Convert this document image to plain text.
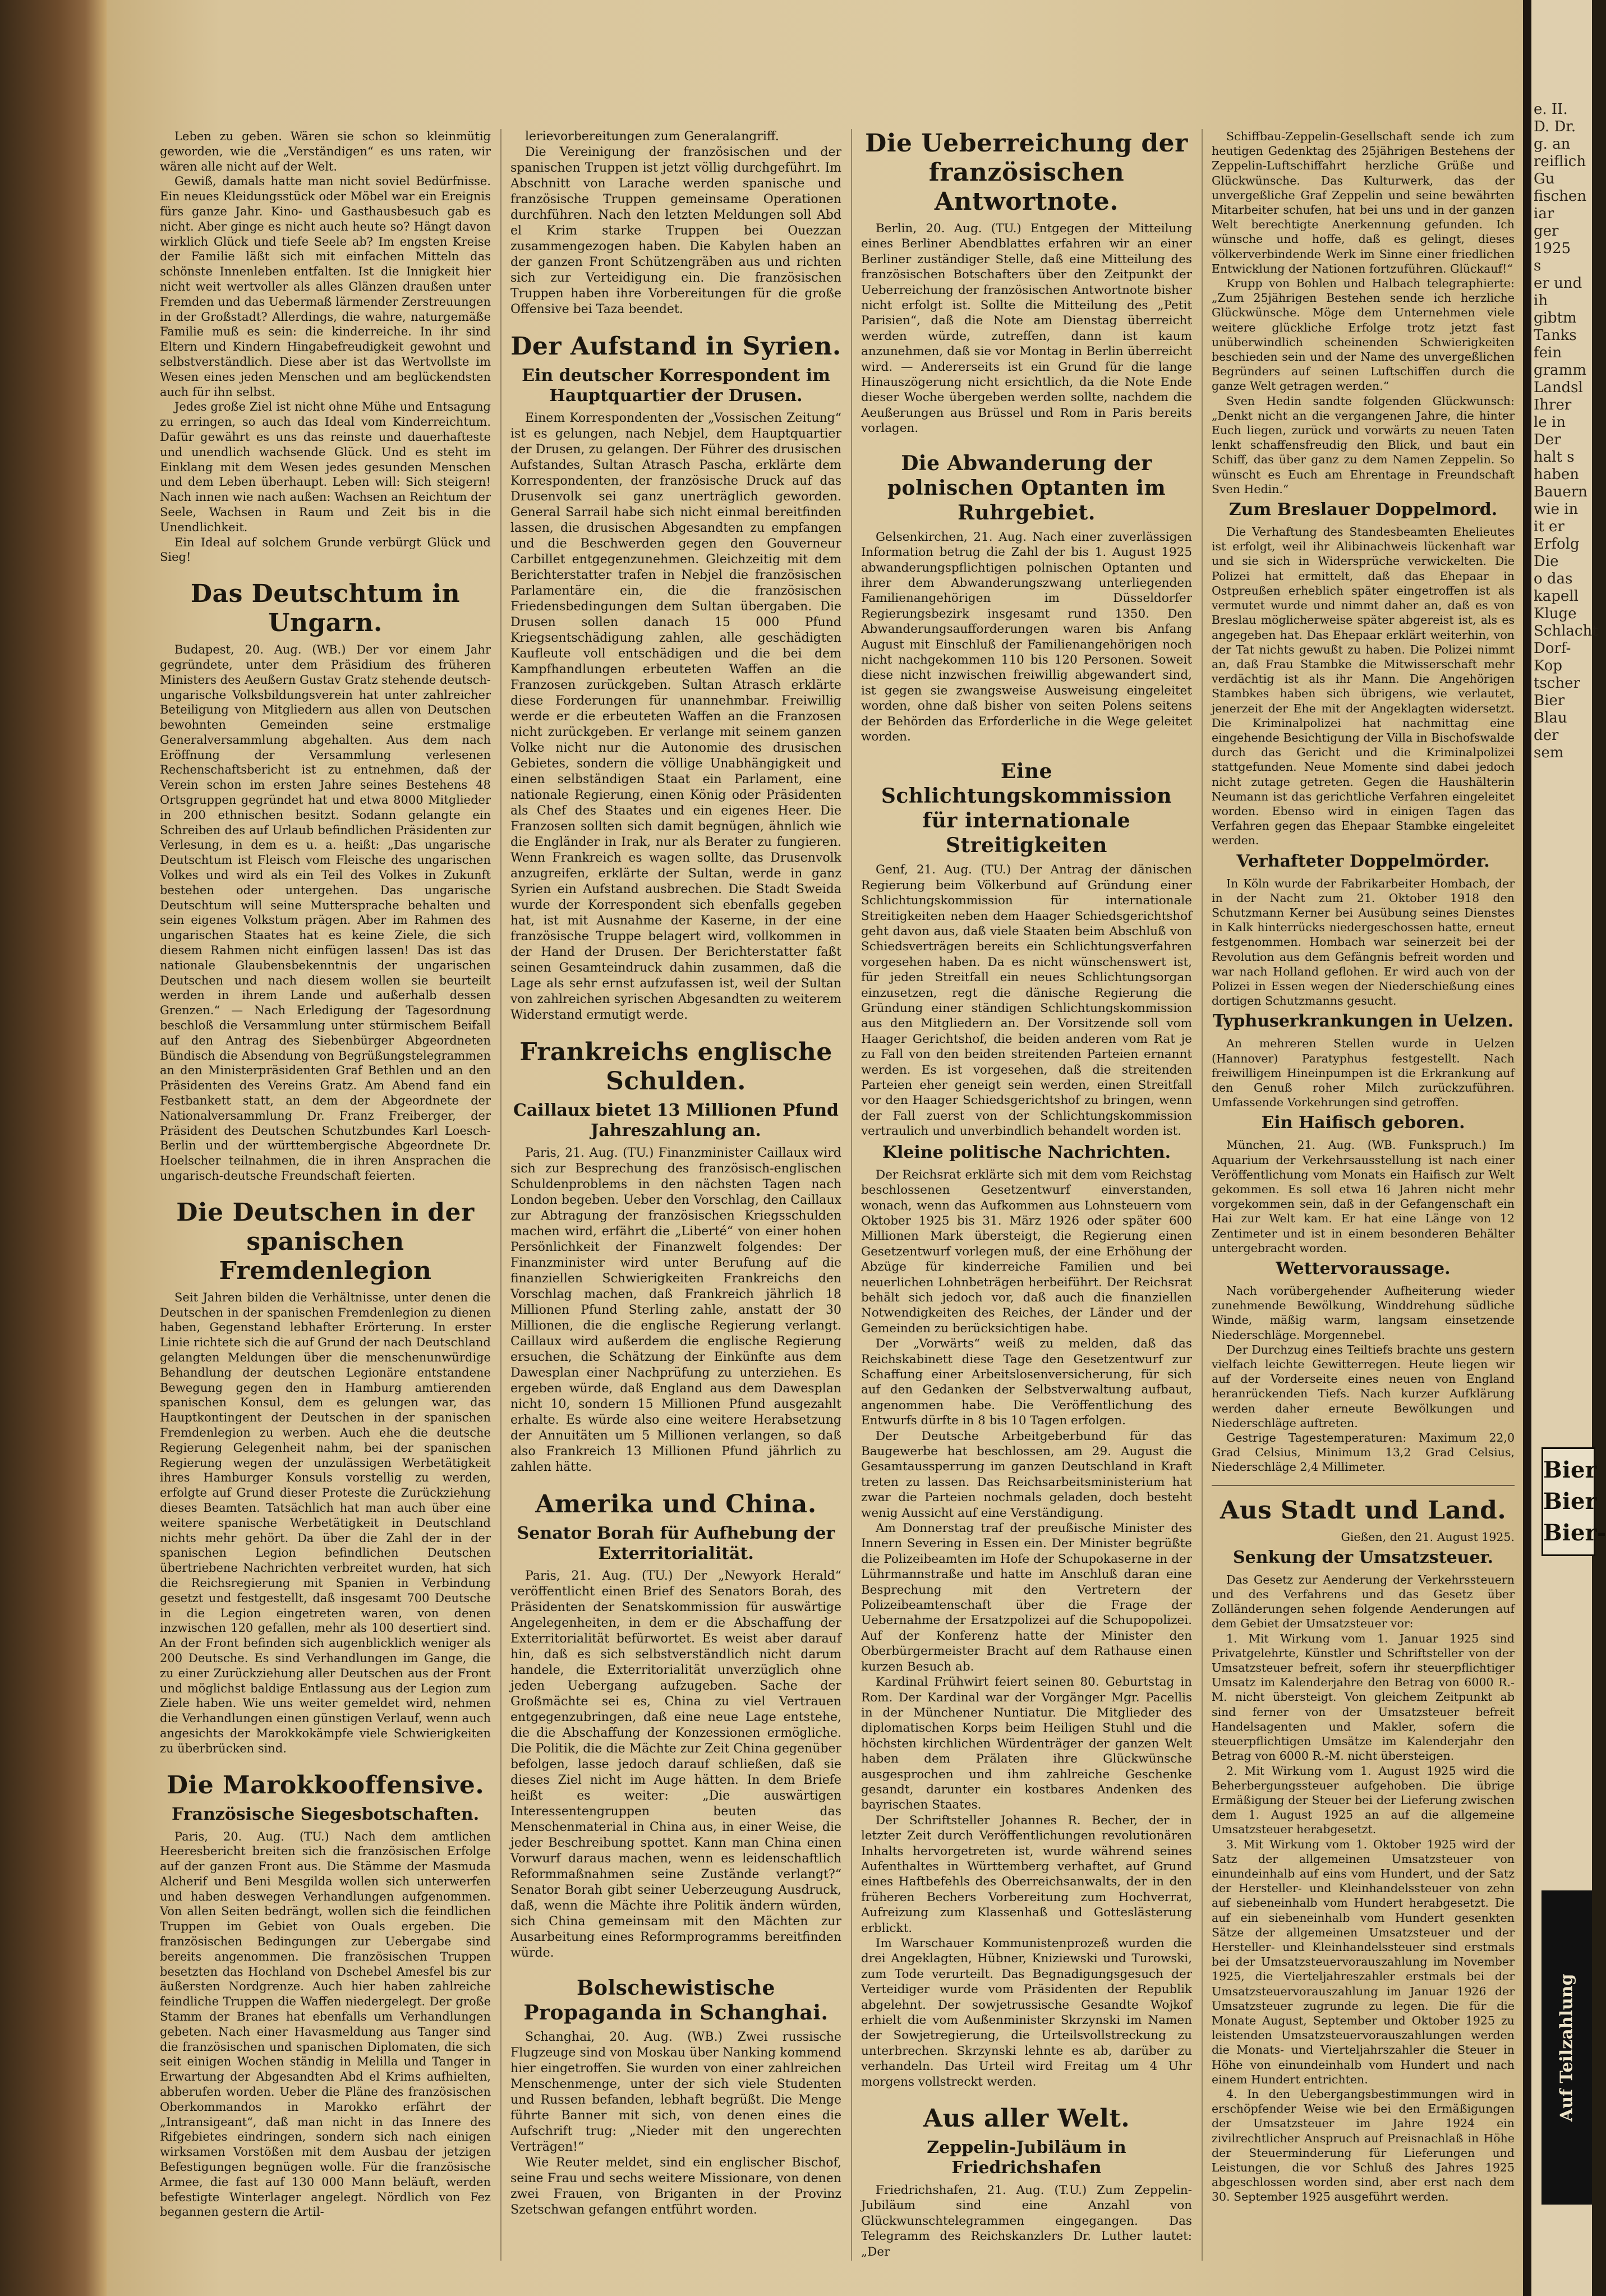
e. II.
D. Dr.
g. an
reiflich
Gu
fischen
iar
ger
1925
s
er und
ih
gibtm
Tanks
fein
gramm
Landsl
Ihrer
le in
Der
halt s
haben
Bauern
wie in
it er
Erfolg
Die
o das
kapell
Kluge
Schlacht
Dorf-
Kop
tscher
Bier
Blau
der
sem
Bier Bier Bier-
Auf Teilzahlung

Leben zu geben. Wären sie schon so kleinmütig geworden, wie die „Verständigen“ es uns raten, wir wären alle nicht auf der Welt.

Gewiß, damals hatte man nicht soviel Bedürfnisse. Ein neues Kleidungsstück oder Möbel war ein Ereignis fürs ganze Jahr. Kino- und Gasthausbesuch gab es nicht. Aber ginge es nicht auch heute so? Hängt davon wirklich Glück und tiefe Seele ab? Im engsten Kreise der Familie läßt sich mit einfachen Mitteln das schönste Innenleben entfalten. Ist die Innigkeit hier nicht weit wertvoller als alles Glänzen draußen unter Fremden und das Uebermaß lärmender Zerstreuungen in der Großstadt? Allerdings, die wahre, naturgemäße Familie muß es sein: die kinderreiche. In ihr sind Eltern und Kindern Hingabefreudigkeit gewohnt und selbstverständlich. Diese aber ist das Wertvollste im Wesen eines jeden Menschen und am beglückendsten auch für ihn selbst.

Jedes große Ziel ist nicht ohne Mühe und Entsagung zu erringen, so auch das Ideal vom Kinderreichtum. Dafür gewährt es uns das reinste und dauerhafteste und unendlich wachsende Glück. Und es steht im Einklang mit dem Wesen jedes gesunden Menschen und dem Leben überhaupt. Leben will: Sich steigern! Nach innen wie nach außen: Wachsen an Reichtum der Seele, Wachsen in Raum und Zeit bis in die Unendlichkeit.

Ein Ideal auf solchem Grunde verbürgt Glück und Sieg!

Das Deutschtum in Ungarn.

Budapest, 20. Aug. (WB.) Der vor einem Jahr gegründete, unter dem Präsidium des früheren Ministers des Aeußern Gustav Gratz stehende deutsch-ungarische Volksbildungsverein hat unter zahlreicher Beteiligung von Mitgliedern aus allen von Deutschen bewohnten Gemeinden seine erstmalige Generalversammlung abgehalten. Aus dem nach Eröffnung der Versammlung verlesenen Rechenschaftsbericht ist zu entnehmen, daß der Verein schon im ersten Jahre seines Bestehens 48 Ortsgruppen gegründet hat und etwa 8000 Mitglieder in 200 ethnischen besitzt. Sodann gelangte ein Schreiben des auf Urlaub befindlichen Präsidenten zur Verlesung, in dem es u. a. heißt: „Das ungarische Deutschtum ist Fleisch vom Fleische des ungarischen Volkes und wird als ein Teil des Volkes in Zukunft bestehen oder untergehen. Das ungarische Deutschtum will seine Muttersprache behalten und sein eigenes Volkstum prägen. Aber im Rahmen des ungarischen Staates hat es keine Ziele, die sich diesem Rahmen nicht einfügen lassen! Das ist das nationale Glaubensbekenntnis der ungarischen Deutschen und nach diesem wollen sie beurteilt werden in ihrem Lande und außerhalb dessen Grenzen.“ — Nach Erledigung der Tagesordnung beschloß die Versammlung unter stürmischem Beifall auf den Antrag des Siebenbürger Abgeordneten Bündisch die Absendung von Begrüßungstelegrammen an den Ministerpräsidenten Graf Bethlen und an den Präsidenten des Vereins Gratz. Am Abend fand ein Festbankett statt, an dem der Abgeordnete der Nationalversammlung Dr. Franz Freiberger, der Präsident des Deutschen Schutzbundes Karl Loesch-Berlin und der württembergische Abgeordnete Dr. Hoelscher teilnahmen, die in ihren Ansprachen die ungarisch-deutsche Freundschaft feierten.

Die Deutschen in der spanischen Fremdenlegion

Seit Jahren bilden die Verhältnisse, unter denen die Deutschen in der spanischen Fremdenlegion zu dienen haben, Gegenstand lebhafter Erörterung. In erster Linie richtete sich die auf Grund der nach Deutschland gelangten Meldungen über die menschenunwürdige Behandlung der deutschen Legionäre entstandene Bewegung gegen den in Hamburg amtierenden spanischen Konsul, dem es gelungen war, das Hauptkontingent der Deutschen in der spanischen Fremdenlegion zu werben. Auch ehe die deutsche Regierung Gelegenheit nahm, bei der spanischen Regierung wegen der unzulässigen Werbetätigkeit ihres Hamburger Konsuls vorstellig zu werden, erfolgte auf Grund dieser Proteste die Zurückziehung dieses Beamten. Tatsächlich hat man auch über eine weitere spanische Werbetätigkeit in Deutschland nichts mehr gehört. Da über die Zahl der in der spanischen Legion befindlichen Deutschen übertriebene Nachrichten verbreitet wurden, hat sich die Reichsregierung mit Spanien in Verbindung gesetzt und festgestellt, daß insgesamt 700 Deutsche in die Legion eingetreten waren, von denen inzwischen 120 gefallen, mehr als 100 desertiert sind. An der Front befinden sich augenblicklich weniger als 200 Deutsche. Es sind Verhandlungen im Gange, die zu einer Zurückziehung aller Deutschen aus der Front und möglichst baldige Entlassung aus der Legion zum Ziele haben. Wie uns weiter gemeldet wird, nehmen die Verhandlungen einen günstigen Verlauf, wenn auch angesichts der Marokkokämpfe viele Schwierigkeiten zu überbrücken sind.

Die Marokkooffensive.
Französische Siegesbotschaften.

Paris, 20. Aug. (TU.) Nach dem amtlichen Heeresbericht breiten sich die französischen Erfolge auf der ganzen Front aus. Die Stämme der Masmuda Alcherif und Beni Mesgilda wollen sich unterwerfen und haben deswegen Verhandlungen aufgenommen. Von allen Seiten bedrängt, wollen sich die feindlichen Truppen im Gebiet von Ouals ergeben. Die französischen Bedingungen zur Uebergabe sind bereits angenommen. Die französischen Truppen besetzten das Hochland von Dschebel Amesfel bis zur äußersten Nordgrenze. Auch hier haben zahlreiche feindliche Truppen die Waffen niedergelegt. Der große Stamm der Branes hat ebenfalls um Verhandlungen gebeten. Nach einer Havasmeldung aus Tanger sind die französischen und spanischen Diplomaten, die sich seit einigen Wochen ständig in Melilla und Tanger in Erwartung der Abgesandten Abd el Krims aufhielten, abberufen worden. Ueber die Pläne des französischen Oberkommandos in Marokko erfährt der „Intransigeant“, daß man nicht in das Innere des Rifgebietes eindringen, sondern sich nach einigen wirksamen Vorstößen mit dem Ausbau der jetzigen Befestigungen begnügen wolle. Für die französische Armee, die fast auf 130 000 Mann beläuft, werden befestigte Winterlager angelegt. Nördlich von Fez begannen gestern die Artil-

lerievorbereitungen zum Generalangriff.

Die Vereinigung der französischen und der spanischen Truppen ist jetzt völlig durchgeführt. Im Abschnitt von Larache werden spanische und französische Truppen gemeinsame Operationen durchführen. Nach den letzten Meldungen soll Abd el Krim starke Truppen bei Ouezzan zusammengezogen haben. Die Kabylen haben an der ganzen Front Schützengräben aus und richten sich zur Verteidigung ein. Die französischen Truppen haben ihre Vorbereitungen für die große Offensive bei Taza beendet.

Der Aufstand in Syrien.
Ein deutscher Korrespondent im Hauptquartier der Drusen.

Einem Korrespondenten der „Vossischen Zeitung“ ist es gelungen, nach Nebjel, dem Hauptquartier der Drusen, zu gelangen. Der Führer des drusischen Aufstandes, Sultan Atrasch Pascha, erklärte dem Korrespondenten, der französische Druck auf das Drusenvolk sei ganz unerträglich geworden. General Sarrail habe sich nicht einmal bereitfinden lassen, die drusischen Abgesandten zu empfangen und die Beschwerden gegen den Gouverneur Carbillet entgegenzunehmen. Gleichzeitig mit dem Berichterstatter trafen in Nebjel die französischen Parlamentäre ein, die die französischen Friedensbedingungen dem Sultan übergaben. Die Drusen sollen danach 15 000 Pfund Kriegsentschädigung zahlen, alle geschädigten Kaufleute voll entschädigen und die bei dem Kampfhandlungen erbeuteten Waffen an die Franzosen zurückgeben. Sultan Atrasch erklärte diese Forderungen für unannehmbar. Freiwillig werde er die erbeuteten Waffen an die Franzosen nicht zurückgeben. Er verlange mit seinem ganzen Volke nicht nur die Autonomie des drusischen Gebietes, sondern die völlige Unabhängigkeit und einen selbständigen Staat ein Parlament, eine nationale Regierung, einen König oder Präsidenten als Chef des Staates und ein eigenes Heer. Die Franzosen sollten sich damit begnügen, ähnlich wie die Engländer in Irak, nur als Berater zu fungieren. Wenn Frankreich es wagen sollte, das Drusenvolk anzugreifen, erklärte der Sultan, werde in ganz Syrien ein Aufstand ausbrechen. Die Stadt Sweida wurde der Korrespondent sich ebenfalls gegeben hat, ist mit Ausnahme der Kaserne, in der eine französische Truppe belagert wird, vollkommen in der Hand der Drusen. Der Berichterstatter faßt seinen Gesamteindruck dahin zusammen, daß die Lage als sehr ernst aufzufassen ist, weil der Sultan von zahlreichen syrischen Abgesandten zu weiterem Widerstand ermutigt werde.

Frankreichs englische Schulden.
Caillaux bietet 13 Millionen Pfund Jahreszahlung an.

Paris, 21. Aug. (TU.) Finanzminister Caillaux wird sich zur Besprechung des französisch-englischen Schuldenproblems in den nächsten Tagen nach London begeben. Ueber den Vorschlag, den Caillaux zur Abtragung der französischen Kriegsschulden machen wird, erfährt die „Liberté“ von einer hohen Persönlichkeit der Finanzwelt folgendes: Der Finanzminister wird unter Berufung auf die finanziellen Schwierigkeiten Frankreichs den Vorschlag machen, daß Frankreich jährlich 18 Millionen Pfund Sterling zahle, anstatt der 30 Millionen, die die englische Regierung verlangt. Caillaux wird außerdem die englische Regierung ersuchen, die Schätzung der Einkünfte aus dem Dawesplan einer Nachprüfung zu unterziehen. Es ergeben würde, daß England aus dem Dawesplan nicht 10, sondern 15 Millionen Pfund ausgezahlt erhalte. Es würde also eine weitere Herabsetzung der Annuitäten um 5 Millionen verlangen, so daß also Frankreich 13 Millionen Pfund jährlich zu zahlen hätte.

Amerika und China.
Senator Borah für Aufhebung der Exterritorialität.

Paris, 21. Aug. (TU.) Der „Newyork Herald“ veröffentlicht einen Brief des Senators Borah, des Präsidenten der Senatskommission für auswärtige Angelegenheiten, in dem er die Abschaffung der Exterritorialität befürwortet. Es weist aber darauf hin, daß es sich selbstverständlich nicht darum handele, die Exterritorialität unverzüglich ohne jeden Uebergang aufzugeben. Sache der Großmächte sei es, China zu viel Vertrauen entgegenzubringen, daß eine neue Lage entstehe, die die Abschaffung der Konzessionen ermögliche. Die Politik, die die Mächte zur Zeit China gegenüber befolgen, lasse jedoch darauf schließen, daß sie dieses Ziel nicht im Auge hätten. In dem Briefe heißt es weiter: „Die auswärtigen Interessentengruppen beuten das Menschenmaterial in China aus, in einer Weise, die jeder Beschreibung spottet. Kann man China einen Vorwurf daraus machen, wenn es leidenschaftlich Reformmaßnahmen seine Zustände verlangt?“ Senator Borah gibt seiner Ueberzeugung Ausdruck, daß, wenn die Mächte ihre Politik ändern würden, sich China gemeinsam mit den Mächten zur Ausarbeitung eines Reformprogramms bereitfinden würde.

Bolschewistische Propaganda in Schanghai.

Schanghai, 20. Aug. (WB.) Zwei russische Flugzeuge sind von Moskau über Nanking kommend hier eingetroffen. Sie wurden von einer zahlreichen Menschenmenge, unter der sich viele Studenten und Russen befanden, lebhaft begrüßt. Die Menge führte Banner mit sich, von denen eines die Aufschrift trug: „Nieder mit den ungerechten Verträgen!“

Wie Reuter meldet, sind ein englischer Bischof, seine Frau und sechs weitere Missionare, von denen zwei Frauen, von Briganten in der Provinz Szetschwan gefangen entführt worden.

Die Ueberreichung der französischen Antwortnote.

Berlin, 20. Aug. (TU.) Entgegen der Mitteilung eines Berliner Abendblattes erfahren wir an einer Berliner zuständiger Stelle, daß eine Mitteilung des französischen Botschafters über den Zeitpunkt der Ueberreichung der französischen Antwortnote bisher nicht erfolgt ist. Sollte die Mitteilung des „Petit Parisien“, daß die Note am Dienstag überreicht werden würde, zutreffen, dann ist kaum anzunehmen, daß sie vor Montag in Berlin überreicht wird. — Andererseits ist ein Grund für die lange Hinauszögerung nicht ersichtlich, da die Note Ende dieser Woche übergeben werden sollte, nachdem die Aeußerungen aus Brüssel und Rom in Paris bereits vorlagen.

Die Abwanderung der polnischen Optanten im Ruhrgebiet.

Gelsenkirchen, 21. Aug. Nach einer zuverlässigen Information betrug die Zahl der bis 1. August 1925 abwanderungspflichtigen polnischen Optanten und ihrer dem Abwanderungszwang unterliegenden Familienangehörigen im Düsseldorfer Regierungsbezirk insgesamt rund 1350. Den Abwanderungsaufforderungen waren bis Anfang August mit Einschluß der Familienangehörigen noch nicht nachgekommen 110 bis 120 Personen. Soweit diese nicht inzwischen freiwillig abgewandert sind, ist gegen sie zwangsweise Ausweisung eingeleitet worden, ohne daß bisher von seiten Polens seitens der Behörden das Erforderliche in die Wege geleitet worden.

Eine Schlichtungskommission für internationale Streitigkeiten

Genf, 21. Aug. (TU.) Der Antrag der dänischen Regierung beim Völkerbund auf Gründung einer Schlichtungskommission für internationale Streitigkeiten neben dem Haager Schiedsgerichtshof geht davon aus, daß viele Staaten beim Abschluß von Schiedsverträgen bereits ein Schlichtungsverfahren vorgesehen haben. Da es nicht wünschenswert ist, für jeden Streitfall ein neues Schlichtungsorgan einzusetzen, regt die dänische Regierung die Gründung einer ständigen Schlichtungskommission aus den Mitgliedern an. Der Vorsitzende soll vom Haager Gerichtshof, die beiden anderen vom Rat je zu Fall von den beiden streitenden Parteien ernannt werden. Es ist vorgesehen, daß die streitenden Parteien eher geneigt sein werden, einen Streitfall vor den Haager Schiedsgerichtshof zu bringen, wenn der Fall zuerst von der Schlichtungskommission vertraulich und unverbindlich behandelt worden ist.

Kleine politische Nachrichten.

Der Reichsrat erklärte sich mit dem vom Reichstag beschlossenen Gesetzentwurf einverstanden, wonach, wenn das Aufkommen aus Lohnsteuern vom Oktober 1925 bis 31. März 1926 oder später 600 Millionen Mark übersteigt, die Regierung einen Gesetzentwurf vorlegen muß, der eine Erhöhung der Abzüge für kinderreiche Familien und bei neuerlichen Lohnbeträgen herbeiführt. Der Reichsrat behält sich jedoch vor, daß auch die finanziellen Notwendigkeiten des Reiches, der Länder und der Gemeinden zu berücksichtigen habe.

Der „Vorwärts“ weiß zu melden, daß das Reichskabinett diese Tage den Gesetzentwurf zur Schaffung einer Arbeitslosenversicherung, für sich auf den Gedanken der Selbstverwaltung aufbaut, angenommen habe. Die Veröffentlichung des Entwurfs dürfte in 8 bis 10 Tagen erfolgen.

Der Deutsche Arbeitgeberbund für das Baugewerbe hat beschlossen, am 29. August die Gesamtaussperrung im ganzen Deutschland in Kraft treten zu lassen. Das Reichsarbeitsministerium hat zwar die Parteien nochmals geladen, doch besteht wenig Aussicht auf eine Verständigung.

Am Donnerstag traf der preußische Minister des Innern Severing in Essen ein. Der Minister begrüßte die Polizeibeamten im Hofe der Schupokaserne in der Lührmannstraße und hatte im Anschluß daran eine Besprechung mit den Vertretern der Polizeibeamtenschaft über die Frage der Uebernahme der Ersatzpolizei auf die Schupopolizei. Auf der Konferenz hatte der Minister den Oberbürgermeister Bracht auf dem Rathause einen kurzen Besuch ab.

Kardinal Frühwirt feiert seinen 80. Geburtstag in Rom. Der Kardinal war der Vorgänger Mgr. Pacellis in der Münchener Nuntiatur. Die Mitglieder des diplomatischen Korps beim Heiligen Stuhl und die höchsten kirchlichen Würdenträger der ganzen Welt haben dem Prälaten ihre Glückwünsche ausgesprochen und ihm zahlreiche Geschenke gesandt, darunter ein kostbares Andenken des bayrischen Staates.

Der Schriftsteller Johannes R. Becher, der in letzter Zeit durch Veröffentlichungen revolutionären Inhalts hervorgetreten ist, wurde während seines Aufenthaltes in Württemberg verhaftet, auf Grund eines Haftbefehls des Oberreichsanwalts, der in den früheren Bechers Vorbereitung zum Hochverrat, Aufreizung zum Klassenhaß und Gotteslästerung erblickt.

Im Warschauer Kommunistenprozeß wurden die drei Angeklagten, Hübner, Kniziewski und Turowski, zum Tode verurteilt. Das Begnadigungsgesuch der Verteidiger wurde vom Präsidenten der Republik abgelehnt. Der sowjetrussische Gesandte Wojkof erhielt die vom Außenminister Skrzynski im Namen der Sowjetregierung, die Urteilsvollstreckung zu unterbrechen. Skrzynski lehnte es ab, darüber zu verhandeln. Das Urteil wird Freitag um 4 Uhr morgens vollstreckt werden.

Aus aller Welt.
Zeppelin-Jubiläum in Friedrichshafen

Friedrichshafen, 21. Aug. (T.U.) Zum Zeppelin-Jubiläum sind eine Anzahl von Glückwunschtelegrammen eingegangen. Das Telegramm des Reichskanzlers Dr. Luther lautet: „Der

Schiffbau-Zeppelin-Gesellschaft sende ich zum heutigen Gedenktag des 25jährigen Bestehens der Zeppelin-Luftschiffahrt herzliche Grüße und Glückwünsche. Das Kulturwerk, das der unvergeßliche Graf Zeppelin und seine bewährten Mitarbeiter schufen, hat bei uns und in der ganzen Welt berechtigte Anerkennung gefunden. Ich wünsche und hoffe, daß es gelingt, dieses völkerverbindende Werk im Sinne einer friedlichen Entwicklung der Nationen fortzuführen. Glückauf!“

Krupp von Bohlen und Halbach telegraphierte: „Zum 25jährigen Bestehen sende ich herzliche Glückwünsche. Möge dem Unternehmen viele weitere glückliche Erfolge trotz jetzt fast unüberwindlich scheinenden Schwierigkeiten beschieden sein und der Name des unvergeßlichen Begründers auf seinen Luftschiffen durch die ganze Welt getragen werden.“

Sven Hedin sandte folgenden Glückwunsch: „Denkt nicht an die vergangenen Jahre, die hinter Euch liegen, zurück und vorwärts zu neuen Taten lenkt schaffensfreudig den Blick, und baut ein Schiff, das über ganz zu dem Namen Zeppelin. So wünscht es Euch am Ehrentage in Freundschaft Sven Hedin.“

Zum Breslauer Doppelmord.

Die Verhaftung des Standesbeamten Ehelieutes ist erfolgt, weil ihr Alibinachweis lückenhaft war und sie sich in Widersprüche verwickelten. Die Polizei hat ermittelt, daß das Ehepaar in Ostpreußen erheblich später eingetroffen ist als vermutet wurde und nimmt daher an, daß es von Breslau möglicherweise später abgereist ist, als es angegeben hat. Das Ehepaar erklärt weiterhin, von der Tat nichts gewußt zu haben. Die Polizei nimmt an, daß Frau Stambke die Mitwisserschaft mehr verdächtig ist als ihr Mann. Die Angehörigen Stambkes haben sich übrigens, wie verlautet, jenerzeit der Ehe mit der Angeklagten widersetzt. Die Kriminalpolizei hat nachmittag eine eingehende Besichtigung der Villa in Bischofswalde durch das Gericht und die Kriminalpolizei stattgefunden. Neue Momente sind dabei jedoch nicht zutage getreten. Gegen die Haushälterin Neumann ist das gerichtliche Verfahren eingeleitet worden. Ebenso wird in einigen Tagen das Verfahren gegen das Ehepaar Stambke eingeleitet werden.

Verhafteter Doppelmörder.

In Köln wurde der Fabrikarbeiter Hombach, der in der Nacht zum 21. Oktober 1918 den Schutzmann Kerner bei Ausübung seines Dienstes in Kalk hinterrücks niedergeschossen hatte, erneut festgenommen. Hombach war seinerzeit bei der Revolution aus dem Gefängnis befreit worden und war nach Holland geflohen. Er wird auch von der Polizei in Essen wegen der Niederschießung eines dortigen Schutzmanns gesucht.

Typhuserkrankungen in Uelzen.

An mehreren Stellen wurde in Uelzen (Hannover) Paratyphus festgestellt. Nach freiwilligem Hineinpumpen ist die Erkrankung auf den Genuß roher Milch zurückzuführen. Umfassende Vorkehrungen sind getroffen.

Ein Haifisch geboren.

München, 21. Aug. (WB. Funkspruch.) Im Aquarium der Verkehrsausstellung ist nach einer Veröffentlichung vom Monats ein Haifisch zur Welt gekommen. Es soll etwa 16 Jahren nicht mehr vorgekommen sein, daß in der Gefangenschaft ein Hai zur Welt kam. Er hat eine Länge von 12 Zentimeter und ist in einem besonderen Behälter untergebracht worden.

Wettervoraussage.

Nach vorübergehender Aufheiterung wieder zunehmende Bewölkung, Winddrehung südliche Winde, mäßig warm, langsam einsetzende Niederschläge. Morgennebel.

Der Durchzug eines Teiltiefs brachte uns gestern vielfach leichte Gewitterregen. Heute liegen wir auf der Vorderseite eines neuen von England heranrückenden Tiefs. Nach kurzer Aufklärung werden daher erneute Bewölkungen und Niederschläge auftreten.

Gestrige Tagestemperaturen: Maximum 22,0 Grad Celsius, Minimum 13,2 Grad Celsius, Niederschläge 2,4 Millimeter.

Aus Stadt und Land.

Gießen, den 21. August 1925.

Senkung der Umsatzsteuer.

Das Gesetz zur Aenderung der Verkehrssteuern und des Verfahrens und das Gesetz über Zolländerungen sehen folgende Aenderungen auf dem Gebiet der Umsatzsteuer vor:

1. Mit Wirkung vom 1. Januar 1925 sind Privatgelehrte, Künstler und Schriftsteller von der Umsatzsteuer befreit, sofern ihr steuerpflichtiger Umsatz im Kalenderjahre den Betrag von 6000 R.-M. nicht übersteigt. Von gleichem Zeitpunkt ab sind ferner von der Umsatzsteuer befreit Handelsagenten und Makler, sofern die steuerpflichtigen Umsätze im Kalenderjahr den Betrag von 6000 R.-M. nicht übersteigen.

2. Mit Wirkung vom 1. August 1925 wird die Beherbergungssteuer aufgehoben. Die übrige Ermäßigung der Steuer bei der Lieferung zwischen dem 1. August 1925 an auf die allgemeine Umsatzsteuer herabgesetzt.

3. Mit Wirkung vom 1. Oktober 1925 wird der Satz der allgemeinen Umsatzsteuer von einundeinhalb auf eins vom Hundert, und der Satz der Hersteller- und Kleinhandelssteuer von zehn auf siebeneinhalb vom Hundert herabgesetzt. Die auf ein siebeneinhalb vom Hundert gesenkten Sätze der allgemeinen Umsatzsteuer und der Hersteller- und Kleinhandelssteuer sind erstmals bei der Umsatzsteuervorauszahlung im November 1925, die Vierteljahreszahler erstmals bei der Umsatzsteuervorauszahlung im Januar 1926 der Umsatzsteuer zugrunde zu legen. Die für die Monate August, September und Oktober 1925 zu leistenden Umsatzsteuervorauszahlungen werden die Monats- und Vierteljahrszahler die Steuer in Höhe von einundeinhalb vom Hundert und nach einem Hundert entrichten.

4. In den Uebergangsbestimmungen wird in erschöpfender Weise wie bei den Ermäßigungen der Umsatzsteuer im Jahre 1924 ein zivilrechtlicher Anspruch auf Preisnachlaß in Höhe der Steuerminderung für Lieferungen und Leistungen, die vor Schluß des Jahres 1925 abgeschlossen worden sind, aber erst nach dem 30. September 1925 ausgeführt werden.
